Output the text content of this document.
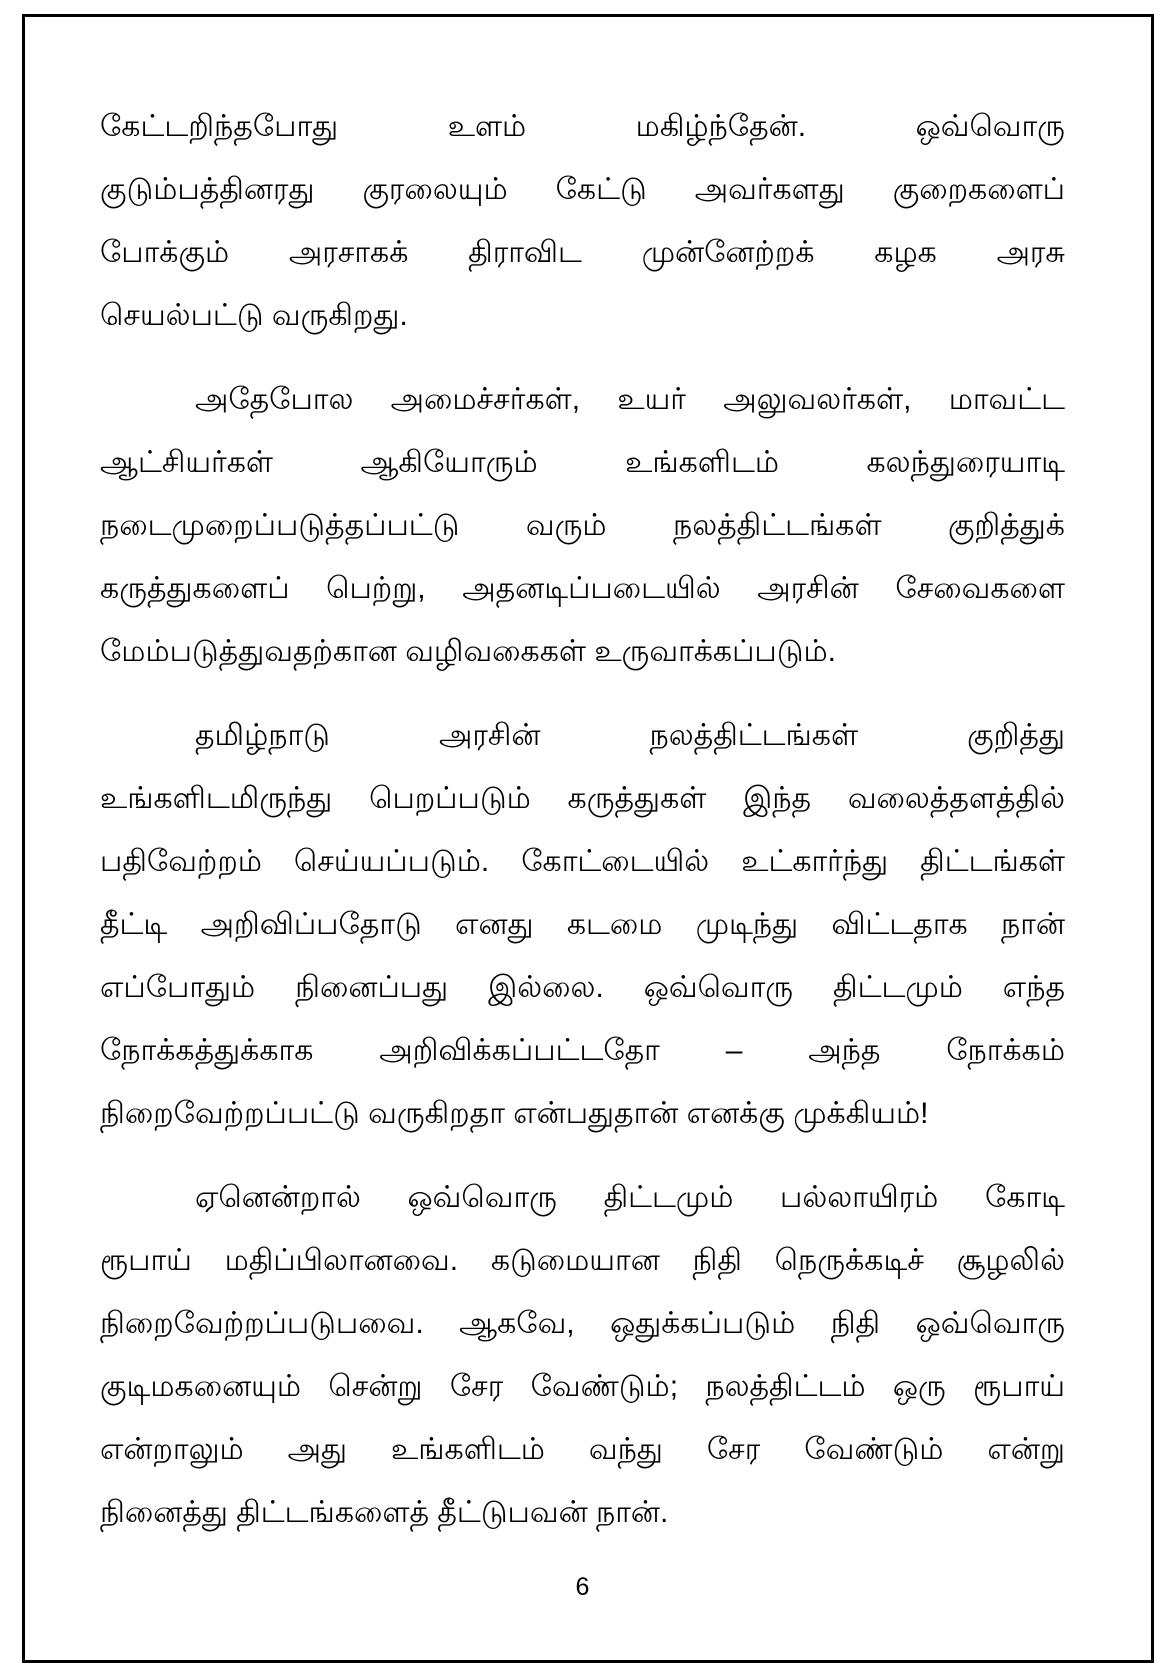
கேட்டறிந்தபோது உளம் மகிழ்ந்தேன். ஒவ்வொரு
குடும்பத்தினரது குரலையும் கேட்டு அவர்களது குறைகளைப்
போக்கும் அரசாகக் திராவிட முன்னேற்றக் கழக அரசு
செயல்பட்டு வருகிறது.
அதேபோல அமைச்சர்கள், உயர் அலுவலர்கள், மாவட்ட
ஆட்சியர்கள் ஆகியோரும் உங்களிடம் கலந்துரையாடி
நடைமுறைப்படுத்தப்பட்டு வரும் நலத்திட்டங்கள் குறித்துக்
கருத்துகளைப் பெற்று, அதனடிப்படையில் அரசின் சேவைகளை
மேம்படுத்துவதற்கான வழிவகைகள் உருவாக்கப்படும்.
தமிழ்நாடு அரசின் நலத்திட்டங்கள் குறித்து
உங்களிடமிருந்து பெறப்படும் கருத்துகள் இந்த வலைத்தளத்தில்
பதிவேற்றம் செய்யப்படும். கோட்டையில் உட்கார்ந்து திட்டங்கள்
தீட்டி அறிவிப்பதோடு எனது கடமை முடிந்து விட்டதாக நான்
எப்போதும் நினைப்பது இல்லை. ஒவ்வொரு திட்டமும் எந்த
நோக்கத்துக்காக அறிவிக்கப்பட்டதோ – அந்த நோக்கம்
நிறைவேற்றப்பட்டு வருகிறதா என்பதுதான் எனக்கு முக்கியம்!
ஏனென்றால் ஒவ்வொரு திட்டமும் பல்லாயிரம் கோடி
ரூபாய் மதிப்பிலானவை. கடுமையான நிதி நெருக்கடிச் சூழலில்
நிறைவேற்றப்படுபவை. ஆகவே, ஒதுக்கப்படும் நிதி ஒவ்வொரு
குடிமகனையும் சென்று சேர வேண்டும்; நலத்திட்டம் ஒரு ரூபாய்
என்றாலும் அது உங்களிடம் வந்து சேர வேண்டும் என்று
நினைத்து திட்டங்களைத் தீட்டுபவன் நான்.
6
